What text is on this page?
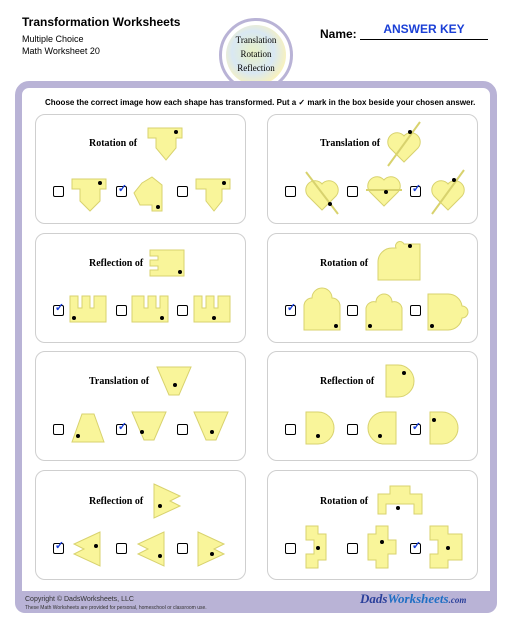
Transformation Worksheets
Multiple Choice
Math Worksheet 20
Translation
Rotation
Reflection
Name:	ANSWER KEY
Choose the correct image how each shape has transformed. Put a ✓ mark in the box beside your chosen answer.
Rotation of	Translation of
Reflection of	Rotation of
Translation of	Reflection of
Reflection of	Rotation of
✓	✓
✓	✓
✓	✓
✓	✓
Copyright © DadsWorksheets, LLC
These Math Worksheets are provided for personal, homeschool or classroom use.
DadsWorksheets.com
